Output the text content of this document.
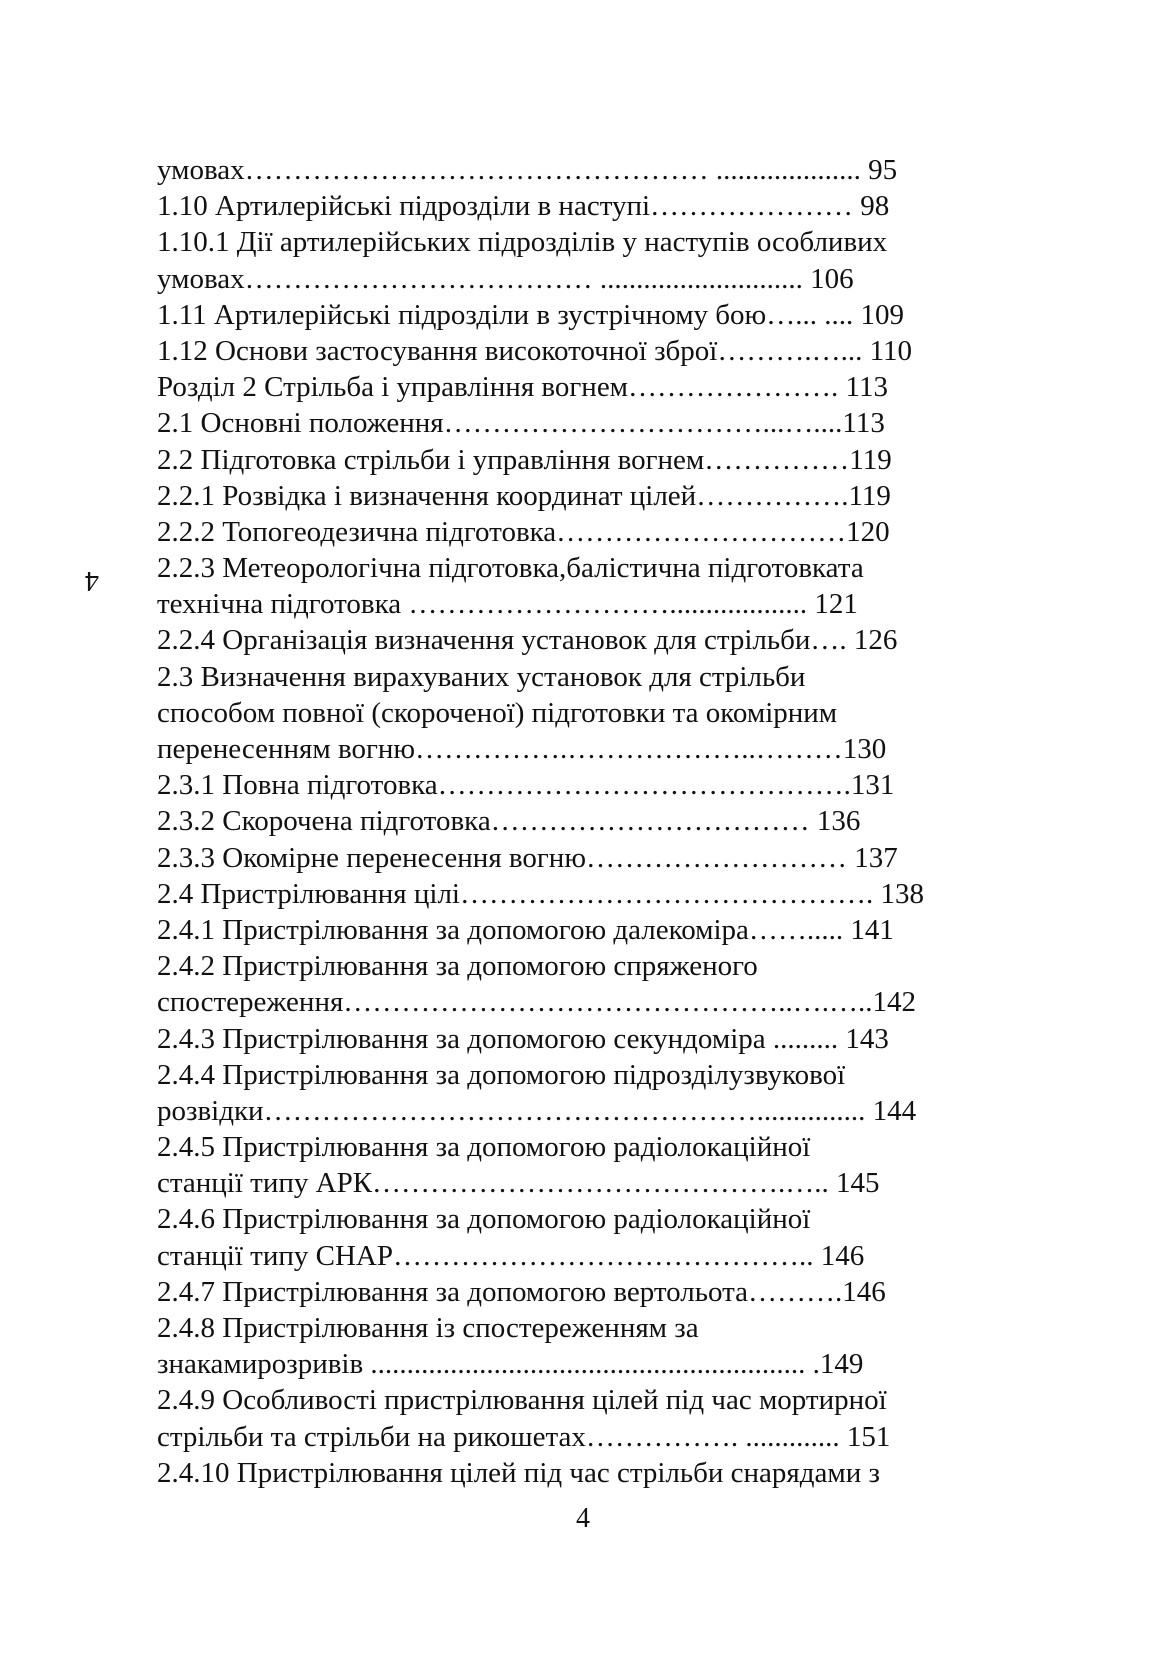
умовах………………………………………… .................... 95
1.10 Артилерійські підрозділи в наступі………………… 98
1.10.1 Дії артилерійських підрозділів у наступів особливих
умовах……………………………… ............................ 106
1.11 Артилерійські підрозділи в зустрічному бою…... .... 109
1.12 Основи застосування високоточної зброї……….…... 110
Розділ 2 Стрільба і управління вогнем…………………. 113
2.1 Основні положення……………………………...…....113
2.2 Підготовка стрільби і управління вогнем……………119
2.2.1 Розвідка і визначення координат цілей…………….119
2.2.2 Топогеодезична підготовка…………………………120
2.2.3 Метеорологічна підготовка,балістична підготовката
технічна підготовка ………………………................... 121
2.2.4 Організація визначення установок для стрільби…. 126
2.3 Визначення вирахуваних установок для стрільби
способом повної (скороченої) підготовки та окомірним
перенесенням вогню…………….………………..………130
2.3.1 Повна підготовка…………………………………….131
2.3.2 Скорочена підготовка…………………………… 136
2.3.3 Окомірне перенесення вогню……………………… 137
2.4 Пристрілювання цілі……………………………………. 138
2.4.1 Пристрілювання за допомогою далекоміра……..... 141
2.4.2 Пристрілювання за допомогою спряженого
спостереження………………………………………..….…..142
2.4.3 Пристрілювання за допомогою секундоміра ......... 143
2.4.4 Пристрілювання за допомогою підрозділузвукової
розвідки……………………………………………............... 144
2.4.5 Пристрілювання за допомогою радіолокаційної
станції типу АРК…………………………………….….. 145
2.4.6 Пристрілювання за допомогою радіолокаційної
станції типу СНАР…………………………………….. 146
2.4.7 Пристрілювання за допомогою вертольота……….146
2.4.8 Пристрілювання із спостереженням за
знакамирозривів ............................................................ .149
2.4.9 Особливості пристрілювання цілей під час мортирної
стрільби та стрільби на рикошетах……………. ............. 151
2.4.10 Пристрілювання цілей під час стрільби снарядами з
4
4
